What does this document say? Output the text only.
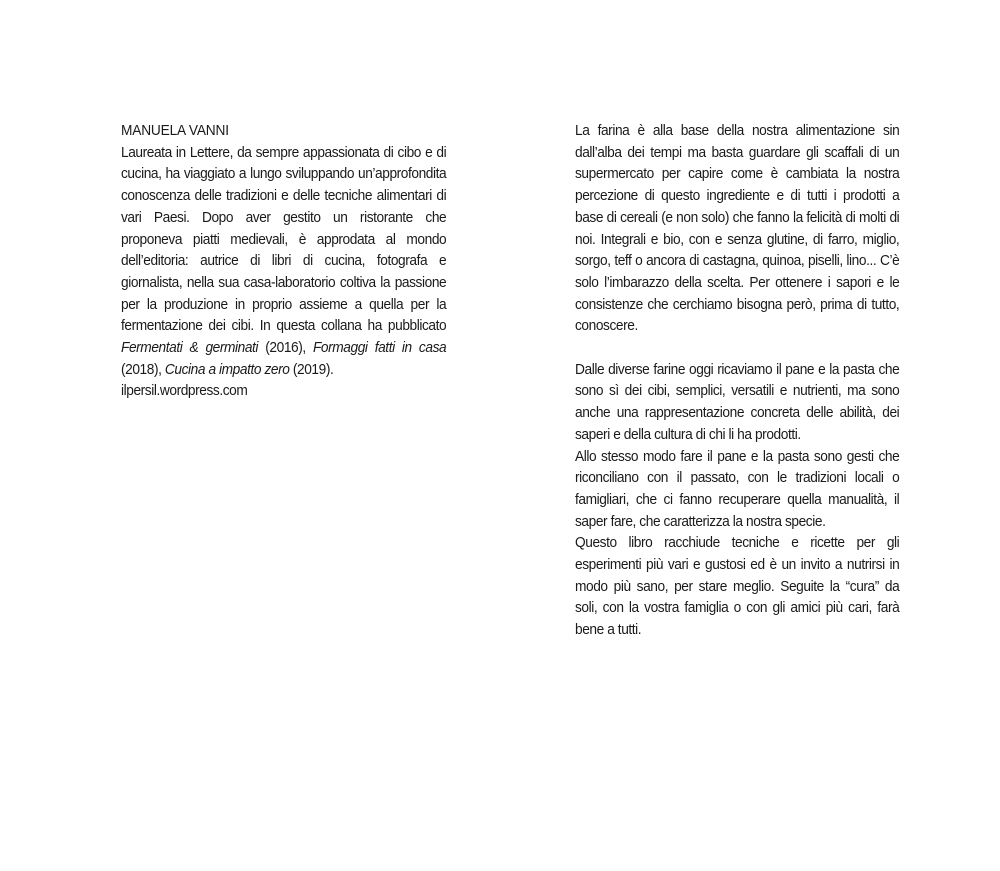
MANUELA VANNI

Laureata in Lettere, da sempre appassionata di cibo e di cucina, ha viaggiato a lungo sviluppando un’approfondita conoscenza delle tradizioni e delle tecniche alimentari di vari Paesi. Dopo aver gestito un ristorante che proponeva piatti medievali, è approdata al mondo dell’editoria: autrice di libri di cucina, fotografa e giornalista, nella sua casa-laboratorio coltiva la passione per la produzione in proprio assieme a quella per la fermentazione dei cibi. In questa collana ha pubblicato Fermentati & germinati (2016), Formaggi fatti in casa (2018), Cucina a impatto zero (2019).

ilpersil.wordpress.com

La farina è alla base della nostra alimentazione sin dall’alba dei tempi ma basta guardare gli scaffali di un supermercato per capire come è cambiata la nostra percezione di questo ingrediente e di tutti i prodotti a base di cereali (e non solo) che fanno la felicità di molti di noi. Integrali e bio, con e senza glutine, di farro, miglio, sorgo, teff o ancora di castagna, quinoa, piselli, lino... C’è solo l’imbarazzo della scelta. Per ottenere i sapori e le consistenze che cerchiamo bisogna però, prima di tutto, conoscere.

Dalle diverse farine oggi ricaviamo il pane e la pasta che sono sì dei cibi, semplici, versatili e nutrienti, ma sono anche una rappresentazione concreta delle abilità, dei saperi e della cultura di chi li ha prodotti.

Allo stesso modo fare il pane e la pasta sono gesti che riconciliano con il passato, con le tradizioni locali o famigliari, che ci fanno recuperare quella manualità, il saper fare, che caratterizza la nostra specie.

Questo libro racchiude tecniche e ricette per gli esperimenti più vari e gustosi ed è un invito a nutrirsi in modo più sano, per stare meglio. Seguite la “cura” da soli, con la vostra famiglia o con gli amici più cari, farà bene a tutti.
